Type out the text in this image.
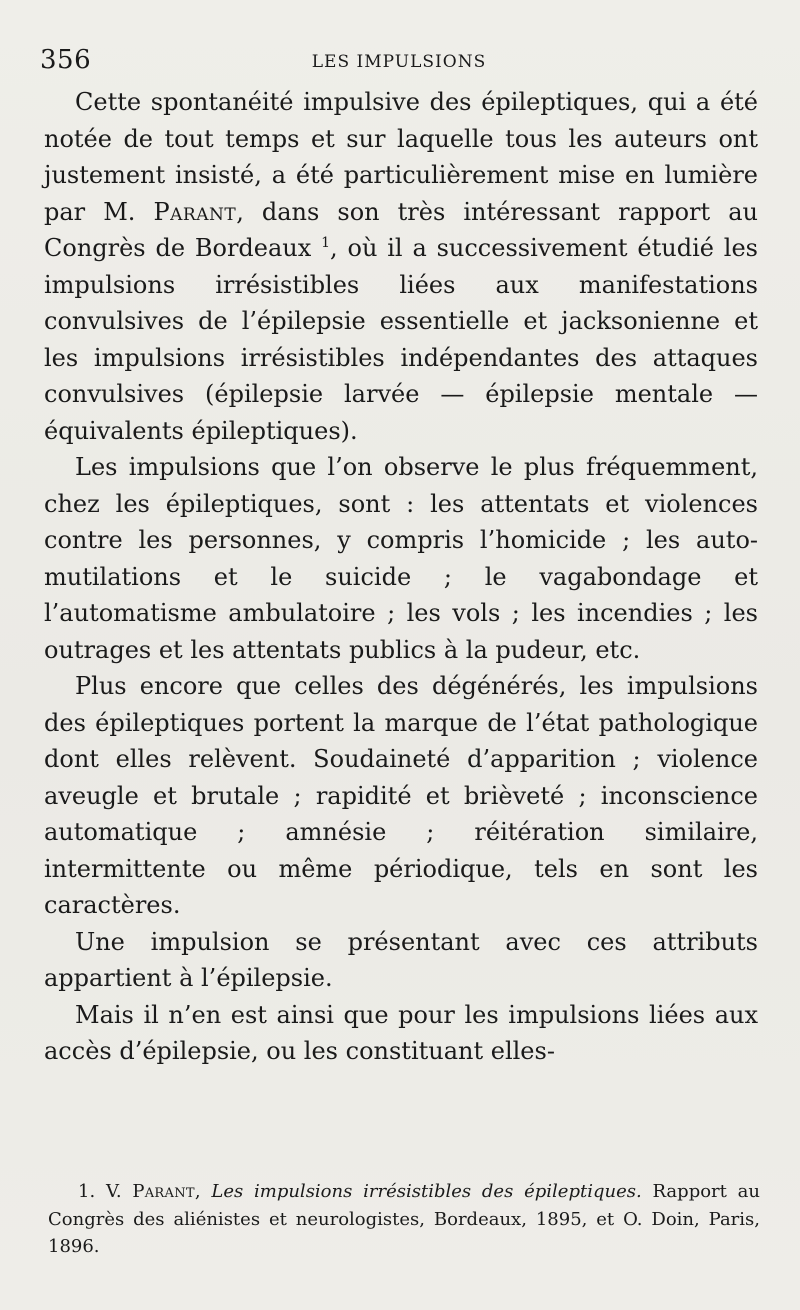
356	LES IMPULSIONS

Cette spontanéité impulsive des épileptiques, qui a été notée de tout temps et sur laquelle tous les auteurs ont justement insisté, a été particulièrement mise en lumière par M. Parant, dans son très intéressant rapport au Congrès de Bordeaux $^1$, où il a successivement étudié les impulsions irrésistibles liées aux manifestations convulsives de l’épilepsie essentielle et jacksonienne et les impulsions irrésistibles indépendantes des attaques convulsives (épilepsie larvée — épilepsie mentale — équivalents épileptiques).

Les impulsions que l’on observe le plus fréquemment, chez les épileptiques, sont : les attentats et violences contre les personnes, y compris l’homicide ; les auto-mutilations et le suicide ; le vagabondage et l’automatisme ambulatoire ; les vols ; les incendies ; les outrages et les attentats publics à la pudeur, etc.

Plus encore que celles des dégénérés, les impulsions des épileptiques portent la marque de l’état pathologique dont elles relèvent. Soudaineté d’apparition ; violence aveugle et brutale ; rapidité et brièveté ; inconscience automatique ; amnésie ; réitération similaire, intermittente ou même périodique, tels en sont les caractères.

Une impulsion se présentant avec ces attributs appartient à l’épilepsie.

Mais il n’en est ainsi que pour les impulsions liées aux accès d’épilepsie, ou les constituant elles-

1. V. Parant, Les impulsions irrésistibles des épileptiques. Rapport au Congrès des aliénistes et neurologistes, Bordeaux, 1895, et O. Doin, Paris, 1896.
